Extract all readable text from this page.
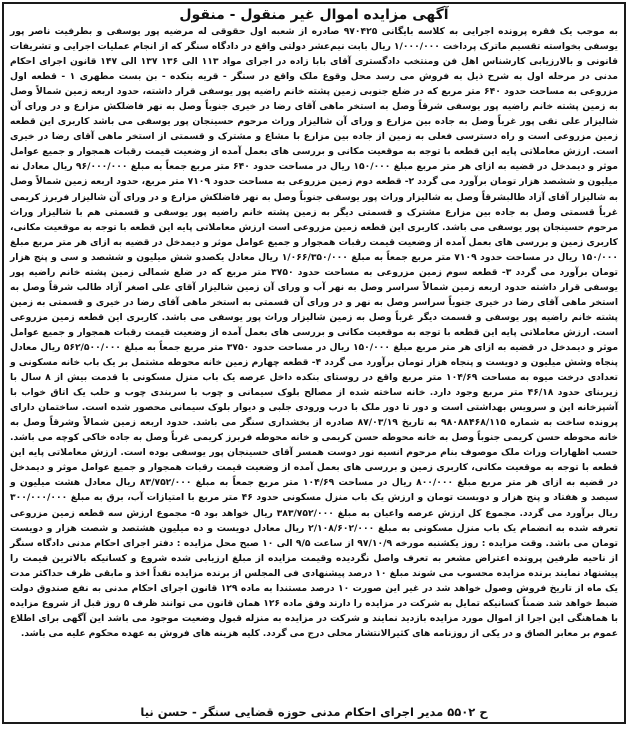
آگهی مزایده اموال غیر منقول - منقول

به موجب یک فقره پرونده اجرایی به کلاسه بایگانی ۹۷۰۴۲۵ صادره از شعبه اول حقوقی له مرضیه پور یوسفی و بطرفیت ناصر پور یوسفی بخواسته تقسیم ماترک پرداخت ۱/۰۰۰/۰۰۰ ریال بابت نیم‌عشر دولتی واقع در دادگاه سنگر که از انجام عملیات اجرایی و تشریفات قانونی و بالارزیابی کارشناس اهل فن ومنتخب دادگستری آقای بابا زاده در اجرای مواد ۱۱۳ الی ۱۳۶ ۱۳۷ الی ۱۴۷ قانون اجرای احکام مدنی در مرحله اول به شرح ذیل به فروش می رسد محل وقوع ملک واقع در سنگر - قریه بنکده - بن بست مطهری ۱ - قطعه اول مزروعی به مساحت حدود ۶۴۰ متر مربع که در ضلع جنوبی زمین پشته خانم راضیه پور یوسفی قرار داشته، حدود اربعه زمین شمالاً وصل به زمین پشته خانم راضیه پور یوسفی شرقاً وصل به استخر ماهی آقای رضا در خیری جنوباً وصل به نهر فاضلکش مزارع و در ورای آن شالیزار علی نقی پور غرباً وصل به جاده بین مزارع و ورای آن شالیزار وراث مرحوم حسینجان پور یوسفی می باشد کاربری این قطعه زمین مزروعی است و راه دسترسی فعلی به زمین از جاده بین مزارع با مشاع و مشترک و قسمتی از استخر ماهی آقای رضا در خیری است. ارزش معاملاتی پایه این قطعه با توجه به موقعیت مکانی و بررسی های بعمل آمده از وضعیت قیمت رقبات همجوار و جمیع عوامل موثر و دیمدخل در قضیه به ازای هر متر مربع مبلغ ۱۵۰/۰۰۰ ریال در مساحت حدود ۶۴۰ متر مربع جمعاً به مبلغ ۹۶/۰۰۰/۰۰۰ ریال معادل نه میلیون و ششصد هزار تومان برآورد می گردد ۲- قطعه دوم زمین مزروعی به مساحت حدود ۷۱۰۹ متر مربع، حدود اربعه زمین شمالاً وصل به شالیزار آقای آزاد طالبشرقاً وصل به شالیزار وراث پور یوسفی جنوباً وصل به نهر فاضلکش مزارع و در ورای آن شالیزار فربرز کریمی غرباً قسمتی وصل به جاده بین مزارع مشترک و قسمتی دیگر به زمین پشته خانم راضیه پور یوسفی و قسمتی هم با شالیزار وراث مرحوم حسینجان پور یوسفی می باشد. کاربری این قطعه زمین مزروعی است ارزش معاملاتی پایه این قطعه با توجه به موقعیت مکانی، کاربری زمین و بررسی های بعمل آمده از وضعیت قیمت رقبات همجوار و جمیع عوامل موثر و دیمدخل در قضیه به ازای هر متر مربع مبلغ ۱۵۰/۰۰۰ ریال در مساحت حدود ۷۱۰۹ متر مربع جمعاً به مبلغ ۱/۰۶۶/۳۵۰/۰۰۰ ریال معادل یکصدو شش میلیون و ششصد و سی و پنج هزار تومان برآورد می گردد ۳- قطعه سوم زمین مزروعی به مساحت حدود ۳۷۵۰ متر مربع که در ضلع شمالی زمین پشته خانم راضیه پور یوسفی قرار داشته حدود اربعه زمین شمالاً سراسر وصل به نهر آب و ورای آن زمین شالیزار آقای علی اصغر آزاد طالب شرقاً وصل به استخر ماهی آقای رضا در خیری جنوباً سراسر وصل به نهر و در ورای آن قسمتی به استخر ماهی آقای رضا در خیری و قسمتی به زمین پشته خانم راضیه پور یوسفی و قسمت دیگر غرباً وصل به زمین شالیزار وراث پور یوسفی می باشد. کاربری این قطعه زمین مزروعی است. ارزش معاملاتی پایه این قطعه با توجه به موقعیت مکانی و بررسی های بعمل آمده از وضعیت قیمت رقبات همجوار و جمیع عوامل موثر و دیمدخل در قضیه به ازای هر متر مربع مبلغ ۱۵۰/۰۰۰ ریال در مساحت حدود ۳۷۵۰ متر مربع جمعاً به مبلغ ۵۶۲/۵۰۰/۰۰۰ ریال معادل پنجاه وشش میلیون و دویست و پنجاه هزار تومان برآورد می گردد ۴- قطعه چهارم زمین خانه محوطه مشتمل بر یک باب خانه مسکونی و تعدادی درخت میوه به مساحت ۱۰۴/۶۹ متر مربع واقع در روستای بنکده داخل عرصه یک باب منزل مسکونی با قدمت بیش از ۸ سال با زیربنای حدود ۴۶/۱۸ متر مربع وجود دارد. خانه ساخته شده از مصالح بلوک سیمانی و چوب با سربندی چوب و حلب یک اتاق خواب با آشپزخانه این و سرویس بهداشتی است و دور تا دور ملک با درب ورودی جلبی و دیوار بلوک سیمانی محصور شده است. ساختمان دارای پرونده ساخت به شماره ۹۸۰۸۸۴۶۸/۱۱۵ به تاریخ ۸۷/۰۳/۱۹ صادره از بخشداری سنگر می باشد. حدود اربعه زمین شمالاً وشرقاً وصل به خانه محوطه حسن کریمی جنوباً وصل به خانه محوطه حسن کریمی و خانه محوطه فربرز کریمی غرباً وصل به جاده خاکی کوچه می باشد. حسب اظهارات وراث ملک موصوف بنام مرحوم انسیه نور دوست همسر آقای حسینجان پور یوسفی بوده است. ارزش معاملاتی پایه این قطعه با توجه به موقعیت مکانی، کاربری زمین و بررسی های بعمل آمده از وضعیت قیمت رقبات همجوار و جمیع عوامل موثر و دیمدخل در قضیه به ازای هر متر مربع مبلغ ۸۰۰/۰۰۰ ریال در مساحت ۱۰۴/۶۹ متر مربع جمعاً به مبلغ ۸۳/۷۵۲/۰۰۰ ریال معادل هشت میلیون و سیصد و هفتاد و پنج هزار و دویست تومان و ارزش یک باب منزل مسکونی حدود ۴۶ متر مربع با امتیازات آب، برق به مبلغ ۳۰۰/۰۰۰/۰۰۰ ریال برآورد می گردد. مجموع کل ارزش عرصه واعیان به مبلغ ۳۸۳/۷۵۲/۰۰۰ ریال خواهد بود ۵- مجموع ارزش سه قطعه زمین مزروعی تعرفه شده به انضمام یک باب منزل مسکونی به مبلغ ۲/۱۰۸/۶۰۲/۰۰۰ ریال معادل دویست و ده میلیون هشتصد و شصت هزار و دویست تومان می باشد. وقت مزایده : روز یکشنبه مورخه ۹۷/۱۰/۹ از ساعت ۹/۵ الی ۱۰ صبح محل مزایده : دفتر اجرای احکام مدنی دادگاه سنگر از ناحیه طرفین پرونده اعتراض مشعر به تعرف واصل نگردیده وقیمت مزایده از مبلغ ارزیابی شده شروع و کسانیکه بالاترین قیمت را پیشنهاد نمایند برنده مزایده محسوب می شوند مبلغ ۱۰ درصد پیشنهادی فی المجلس از برنده مزایده نقداً اخذ و مابقی ظرف حداکثر مدت یک ماه از تاریخ فروش وصول خواهد شد در غیر این صورت ۱۰ درصد مستندا به ماده ۱۲۹ قانون اجرای احکام مدنی به نفع صندوق دولت ضبط خواهد شد ضمناً کسانیکه تمایل به شرکت در مزایده را دارند وفق ماده ۱۲۶ همان قانون می توانند ظرف ۵ روز قبل از شروع مزایده با هماهنگی این اجرا از اموال مورد مزایده بازدید نمایند و شرکت در مزایده به منزله قبول وضعیت موجود می باشد این آگهی برای اطلاع عموم بر معابر الصاق و در یکی از روزنامه های کثیرالانتشار محلی درج می گردد. کلیه هزینه های فروش به عهده محکوم علیه می باشد.

ح ۵۵۰۲ مدیر اجرای احکام مدنی حوزه قضایی سنگر - حسن نیا
